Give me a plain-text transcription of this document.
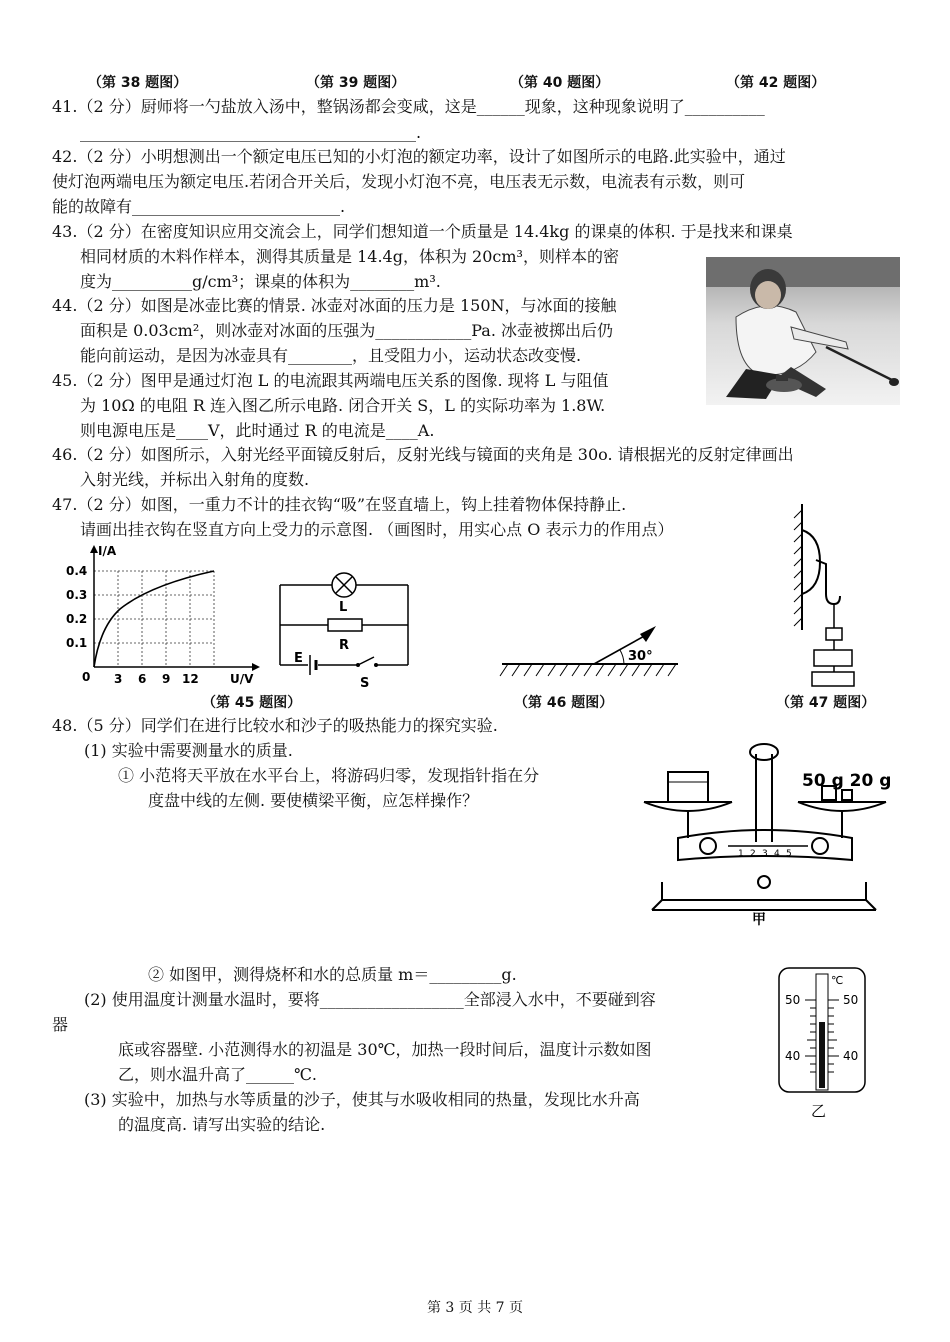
（第 38 题图）	（第 39 题图）	（第 40 题图）	（第 42 题图）
41.（2 分）厨师将一勺盐放入汤中，整锅汤都会变咸，这是______现象，这种现象说明了__________
__________________________________________.
42.（2 分）小明想测出一个额定电压已知的小灯泡的额定功率，设计了如图所示的电路.此实验中，通过
使灯泡两端电压为额定电压.若闭合开关后，发现小灯泡不亮，电压表无示数，电流表有示数，则可
能的故障有__________________________.
43.（2 分）在密度知识应用交流会上，同学们想知道一个质量是 14.4kg 的课桌的体积. 于是找来和课桌
相同材质的木料作样本，测得其质量是 14.4g，体积为 20cm³，则样本的密
度为__________g/cm³；课桌的体积为________m³.
44.（2 分）如图是冰壶比赛的情景. 冰壶对冰面的压力是 150N，与冰面的接触
面积是 0.03cm²，则冰壶对冰面的压强为____________Pa. 冰壶被掷出后仍
能向前运动，是因为冰壶具有________，且受阻力小，运动状态改变慢.
45.（2 分）图甲是通过灯泡 L 的电流跟其两端电压关系的图像. 现将 L 与阻值
为 10Ω 的电阻 R 连入图乙所示电路. 闭合开关 S，L 的实际功率为 1.8W.
则电源电压是____V，此时通过 R 的电流是____A.
46.（2 分）如图所示，入射光经平面镜反射后，反射光线与镜面的夹角是 30o. 请根据光的反射定律画出
入射光线，并标出入射角的度数.
47.（2 分）如图，一重力不计的挂衣钩“吸”在竖直墙上，钩上挂着物体保持静止.
请画出挂衣钩在竖直方向上受力的示意图. （画图时，用实心点 O 表示力的作用点）
I/A
U/V
0
0.4
0.3
0.2
0.1
3 6 9 12
L
R
E
S
30°
（第 45 题图）	（第 46 题图）	（第 47 题图）
48.（5 分）同学们在进行比较水和沙子的吸热能力的探究实验.
(1) 实验中需要测量水的质量.
① 小范将天平放在水平台上，将游码归零，发现指针指在分
度盘中线的左侧. 要使横梁平衡，应怎样操作？
1 2 3 4 5
50 g 20 g
甲
② 如图甲，测得烧杯和水的总质量 m＝_________g.
(2) 使用温度计测量水温时，要将__________________全部浸入水中，不要碰到容
器
底或容器壁. 小范测得水的初温是 30℃，加热一段时间后，温度计示数如图
乙，则水温升高了______℃.
℃
50	50
40	40
乙
(3) 实验中，加热与水等质量的沙子，使其与水吸收相同的热量，发现比水升高
的温度高. 请写出实验的结论.
第 3 页 共 7 页
